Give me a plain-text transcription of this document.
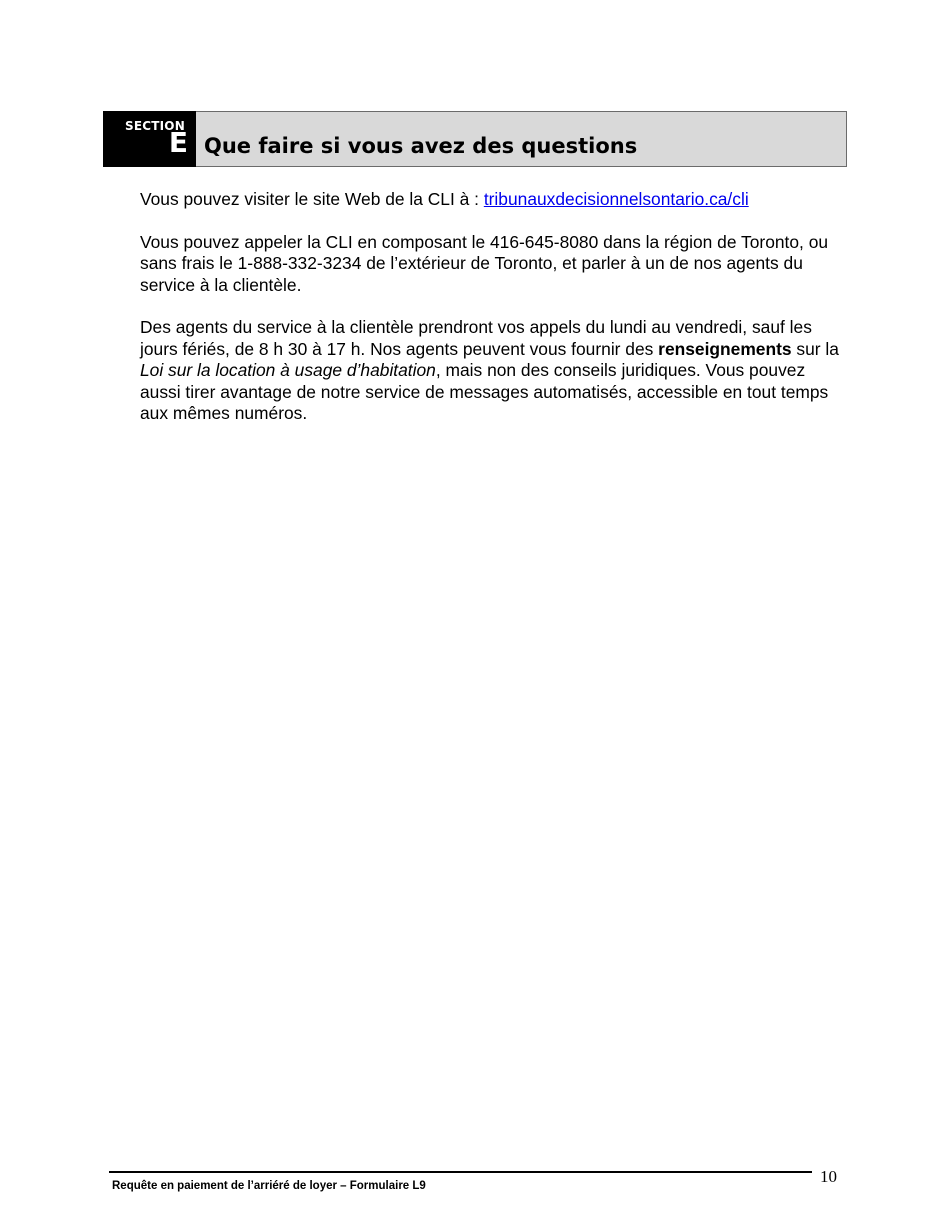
SECTION
E Que faire si vous avez des questions

Vous pouvez visiter le site Web de la CLI à : tribunauxdecisionnelsontario.ca/cli

Vous pouvez appeler la CLI en composant le 416-645-8080 dans la région de Toronto, ou sans frais le 1-888-332-3234 de l’extérieur de Toronto, et parler à un de nos agents du service à la clientèle.

Des agents du service à la clientèle prendront vos appels du lundi au vendredi, sauf les jours fériés, de 8 h 30 à 17 h. Nos agents peuvent vous fournir des renseignements sur la Loi sur la location à usage d’habitation, mais non des conseils juridiques. Vous pouvez aussi tirer avantage de notre service de messages automatisés, accessible en tout temps aux mêmes numéros.

Requête en paiement de l’arriéré de loyer – Formulaire L9	10
